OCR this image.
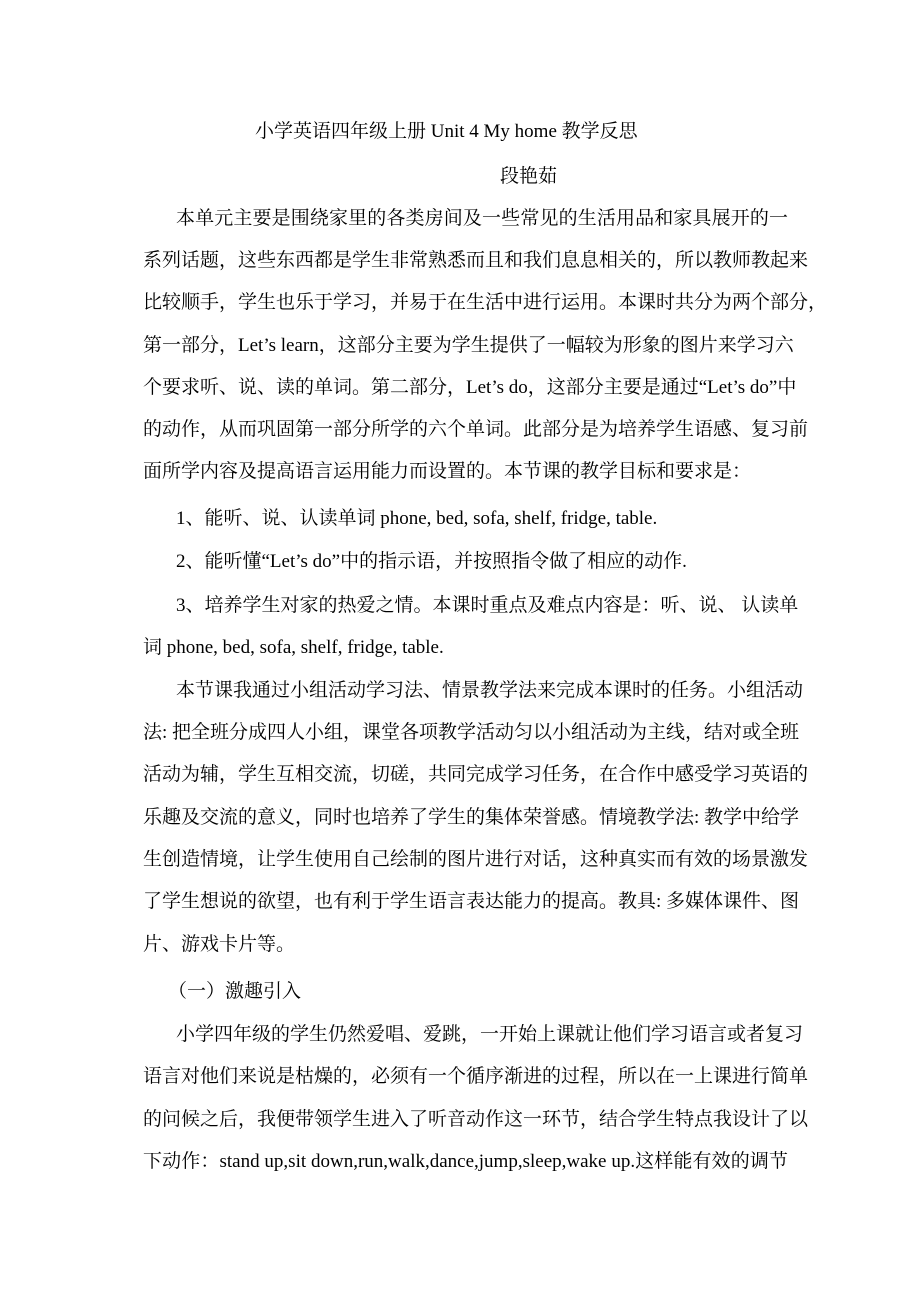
小学英语四年级上册 Unit 4 My home 教学反思
段艳茹
本单元主要是围绕家里的各类房间及一些常见的生活用品和家具展开的一
系列话题，这些东西都是学生非常熟悉而且和我们息息相关的，所以教师教起来
比较顺手，学生也乐于学习，并易于在生活中进行运用。本课时共分为两个部分，
第一部分，Let’s learn，这部分主要为学生提供了一幅较为形象的图片来学习六
个要求听、说、读的单词。第二部分，Let’s do，这部分主要是通过“Let’s do”中
的动作，从而巩固第一部分所学的六个单词。此部分是为培养学生语感、复习前
面所学内容及提高语言运用能力而设置的。本节课的教学目标和要求是：
1、能听、说、认读单词 phone, bed, sofa, shelf, fridge, table.
2、能听懂“Let’s do”中的指示语，并按照指令做了相应的动作.
3、培养学生对家的热爱之情。本课时重点及难点内容是：听、说、 认读单
词 phone, bed, sofa, shelf, fridge, table.
本节课我通过小组活动学习法、情景教学法来完成本课时的任务。小组活动
法: 把全班分成四人小组，课堂各项教学活动匀以小组活动为主线，结对或全班
活动为辅，学生互相交流，切磋，共同完成学习任务，在合作中感受学习英语的
乐趣及交流的意义，同时也培养了学生的集体荣誉感。情境教学法: 教学中给学
生创造情境，让学生使用自己绘制的图片进行对话，这种真实而有效的场景激发
了学生想说的欲望，也有利于学生语言表达能力的提高。教具: 多媒体课件、图
片、游戏卡片等。
（一）激趣引入
小学四年级的学生仍然爱唱、爱跳，一开始上课就让他们学习语言或者复习
语言对他们来说是枯燥的，必须有一个循序渐进的过程，所以在一上课进行简单
的问候之后，我便带领学生进入了听音动作这一环节，结合学生特点我设计了以
下动作：stand up,sit down,run,walk,dance,jump,sleep,wake up.这样能有效的调节
